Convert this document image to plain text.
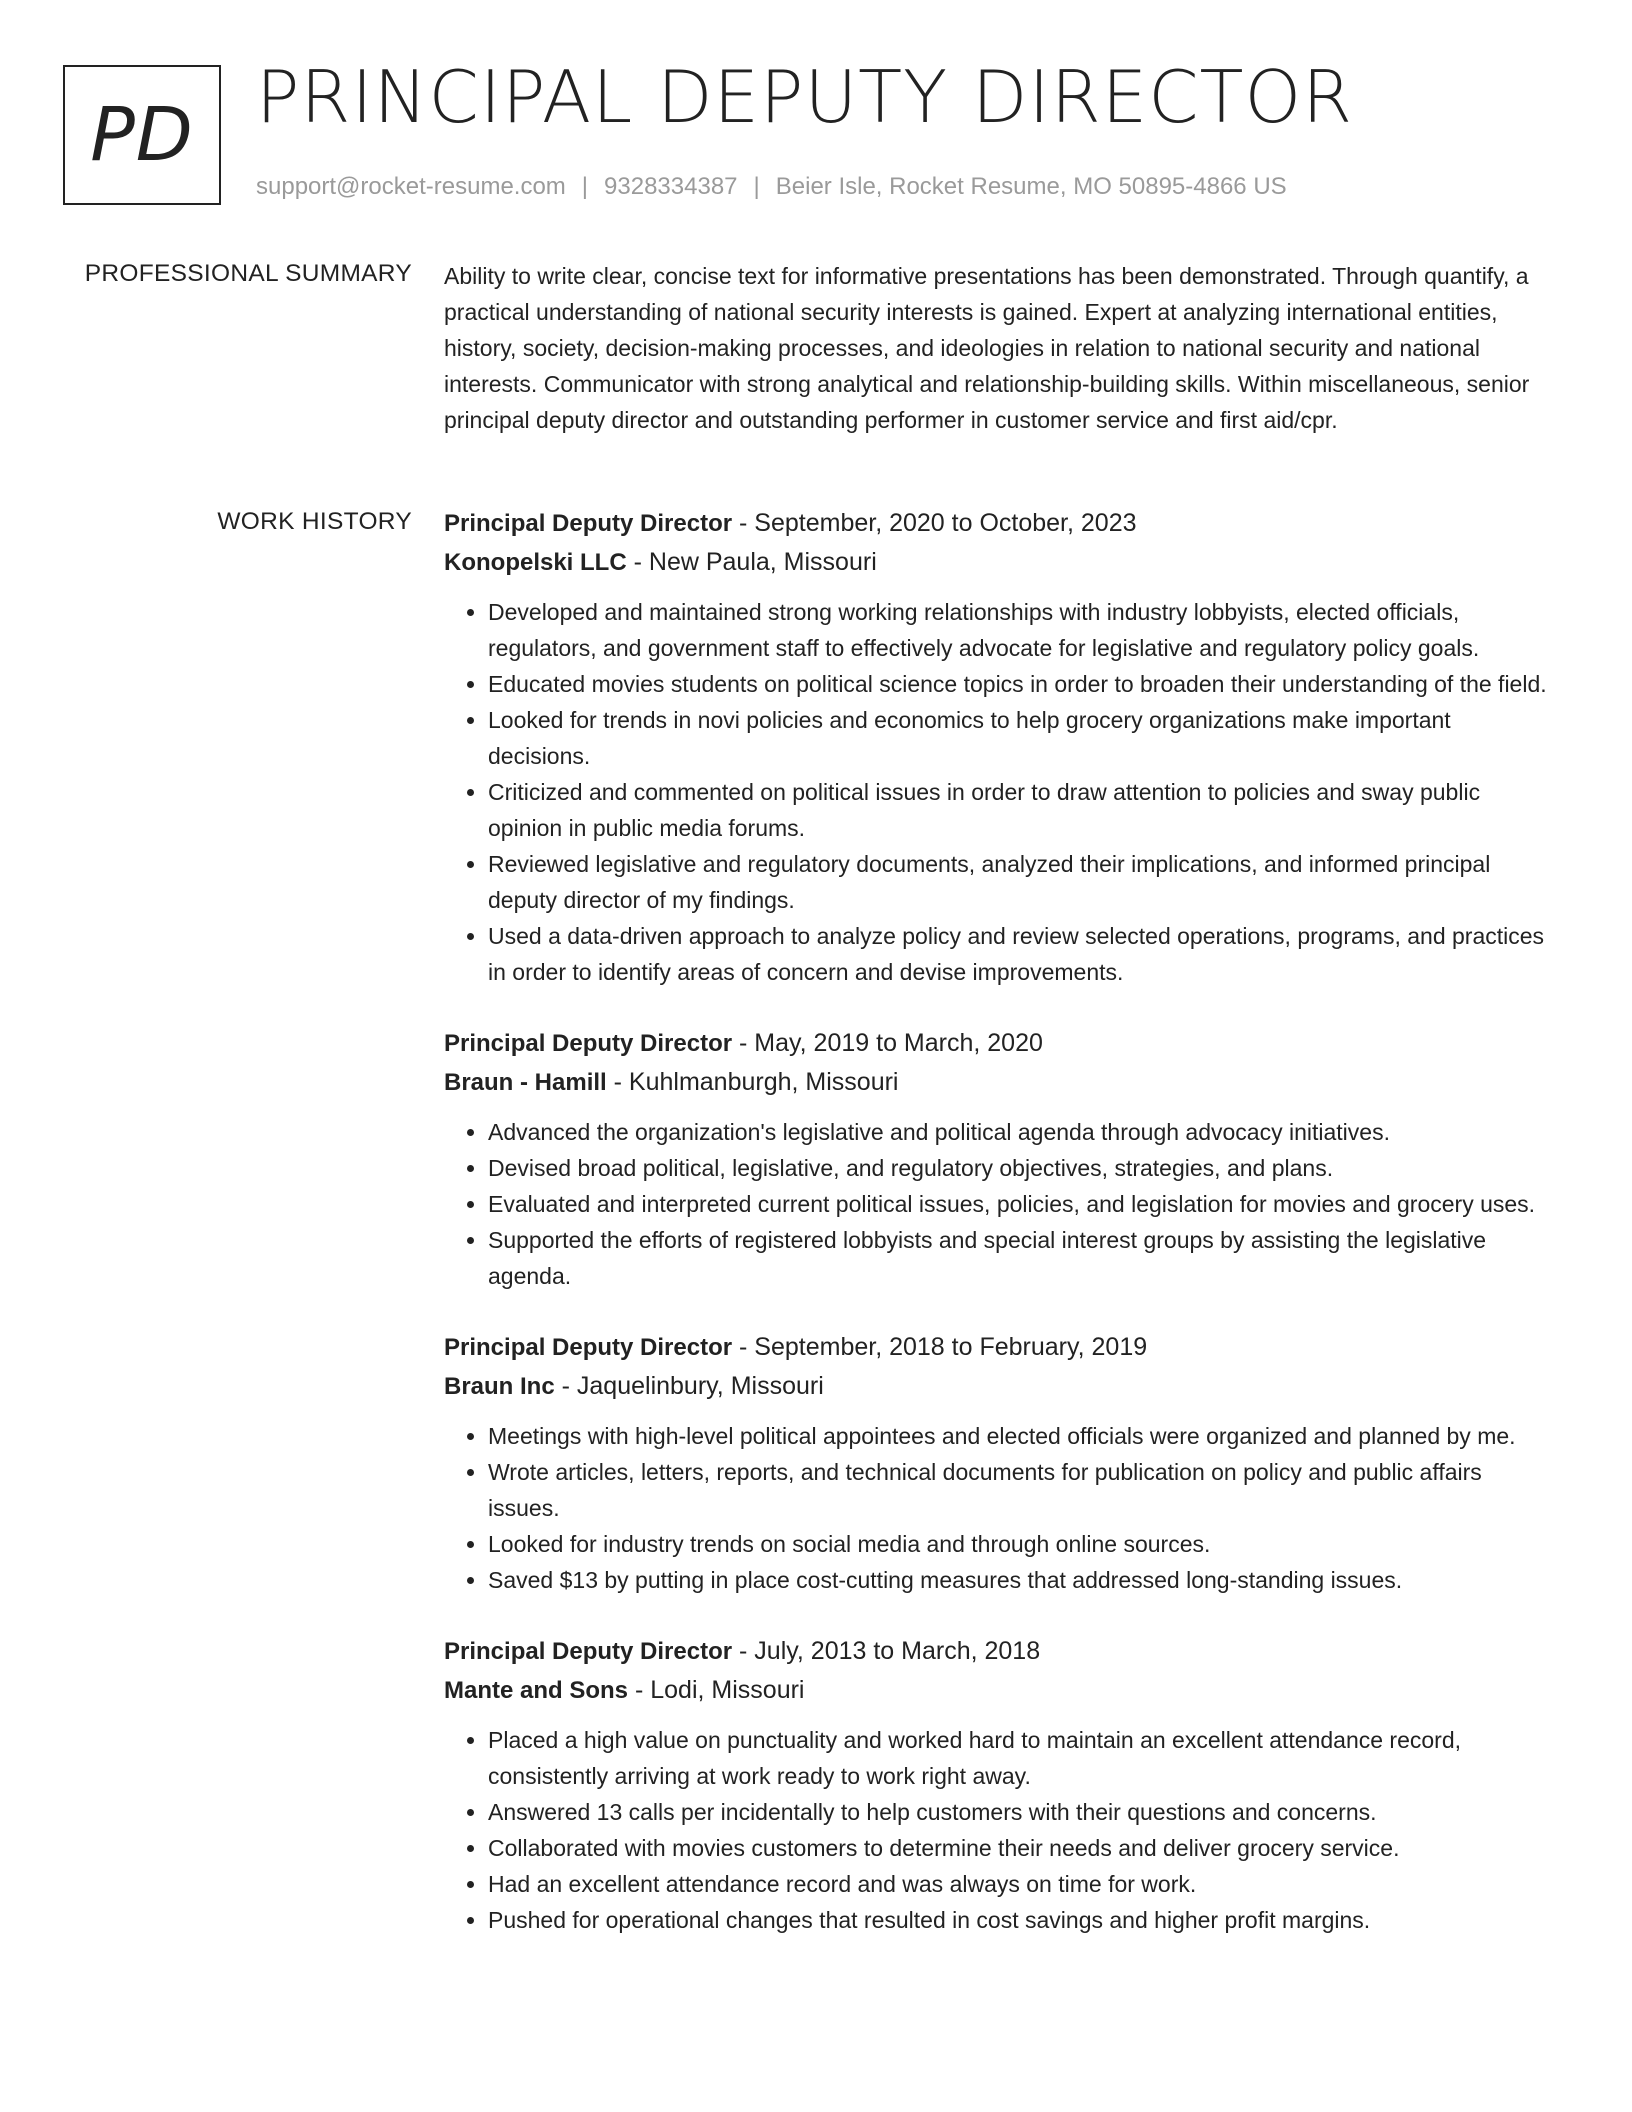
PD PRINCIPAL DEPUTY DIRECTOR
support@rocket-resume.com | 9328334387 | Beier Isle, Rocket Resume, MO 50895-4866 US
PROFESSIONAL SUMMARY Ability to write clear, concise text for informative presentations has been demonstrated. Through quantify, a practical understanding of national security interests is gained. Expert at analyzing international entities, history, society, decision-making processes, and ideologies in relation to national security and national interests. Communicator with strong analytical and relationship-building skills. Within miscellaneous, senior principal deputy director and outstanding performer in customer service and first aid/cpr.

WORK HISTORY Principal Deputy Director - September, 2020 to October, 2023
Konopelski LLC - New Paula, Missouri
• Developed and maintained strong working relationships with industry lobbyists, elected officials, regulators, and government staff to effectively advocate for legislative and regulatory policy goals.
• Educated movies students on political science topics in order to broaden their understanding of the field.
• Looked for trends in novi policies and economics to help grocery organizations make important decisions.
• Criticized and commented on political issues in order to draw attention to policies and sway public opinion in public media forums.
• Reviewed legislative and regulatory documents, analyzed their implications, and informed principal deputy director of my findings.
• Used a data-driven approach to analyze policy and review selected operations, programs, and practices in order to identify areas of concern and devise improvements.
Principal Deputy Director - May, 2019 to March, 2020
Braun - Hamill - Kuhlmanburgh, Missouri
• Advanced the organization's legislative and political agenda through advocacy initiatives.
• Devised broad political, legislative, and regulatory objectives, strategies, and plans.
• Evaluated and interpreted current political issues, policies, and legislation for movies and grocery uses.
• Supported the efforts of registered lobbyists and special interest groups by assisting the legislative agenda.
Principal Deputy Director - September, 2018 to February, 2019
Braun Inc - Jaquelinbury, Missouri
• Meetings with high-level political appointees and elected officials were organized and planned by me.
• Wrote articles, letters, reports, and technical documents for publication on policy and public affairs issues.
• Looked for industry trends on social media and through online sources.
• Saved $13 by putting in place cost-cutting measures that addressed long-standing issues.
Principal Deputy Director - July, 2013 to March, 2018
Mante and Sons - Lodi, Missouri
• Placed a high value on punctuality and worked hard to maintain an excellent attendance record, consistently arriving at work ready to work right away.
• Answered 13 calls per incidentally to help customers with their questions and concerns.
• Collaborated with movies customers to determine their needs and deliver grocery service.
• Had an excellent attendance record and was always on time for work.
• Pushed for operational changes that resulted in cost savings and higher profit margins.
